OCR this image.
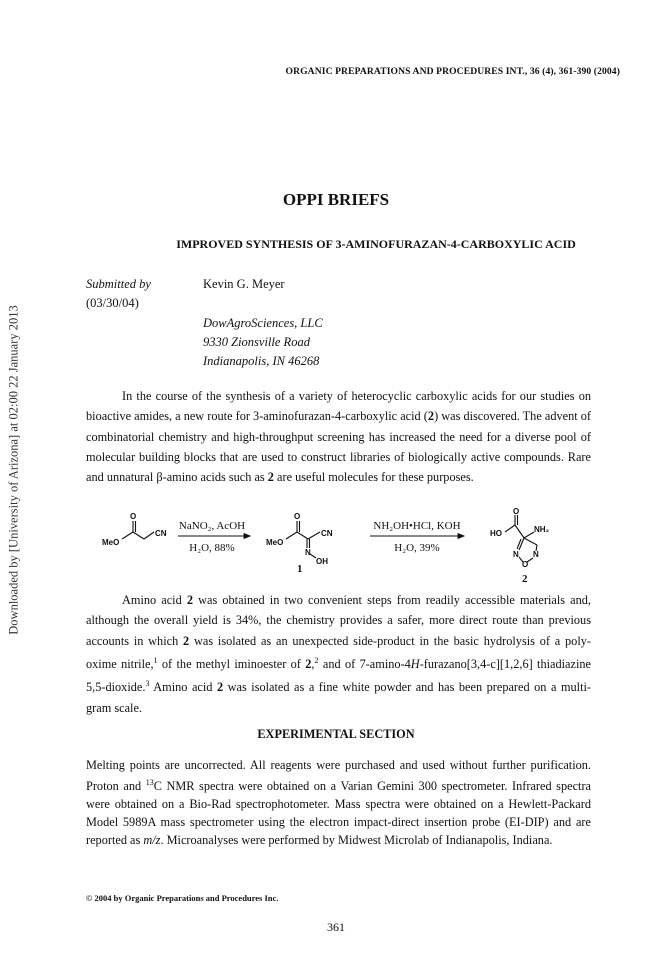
Downloaded by [University of Arizona] at 02:00 22 January 2013
ORGANIC PREPARATIONS AND PROCEDURES INT., 36 (4), 361-390 (2004)
OPPI BRIEFS
IMPROVED SYNTHESIS OF 3-AMINOFURAZAN-4-CARBOXYLIC ACID
Submitted by
(03/30/04)
Kevin G. Meyer
DowAgroSciences, LLC
9330 Zionsville Road
Indianapolis, IN 46268

In the course of the synthesis of a variety of heterocyclic carboxylic acids for our studies on bioactive amides, a new route for 3-aminofurazan-4-carboxylic acid (2) was discovered. The advent of combinatorial chemistry and high-throughput screening has increased the need for a diverse pool of molecular building blocks that are used to construct libraries of biologically active compounds. Rare and unnatural β-amino acids such as 2 are useful molecules for these purposes.

O
MeO
CN
NaNO₂, AcOH
H₂O, 88%
O
MeO
CN
N
OH
1
NH₂OH•HCl, KOH
H₂O, 39%
O
HO	NH₂
N N
O
2

Amino acid 2 was obtained in two convenient steps from readily accessible materials and, although the overall yield is 34%, the chemistry provides a safer, more direct route than previous accounts in which 2 was isolated as an unexpected side-product in the basic hydrolysis of a poly-oxime nitrile,$^1$ of the methyl iminoester of 2,$^2$ and of 7-amino-4H-furazano[3,4-c][1,2,6] thiadiazine 5,5-dioxide.$^3$ Amino acid 2 was isolated as a fine white powder and has been prepared on a multi-gram scale.

EXPERIMENTAL SECTION

Melting points are uncorrected. All reagents were purchased and used without further purification. Proton and $^{13}$C NMR spectra were obtained on a Varian Gemini 300 spectrometer. Infrared spectra were obtained on a Bio-Rad spectrophotometer. Mass spectra were obtained on a Hewlett-Packard Model 5989A mass spectrometer using the electron impact-direct insertion probe (EI-DIP) and are reported as m/z. Microanalyses were performed by Midwest Microlab of Indianapolis, Indiana.

© 2004 by Organic Preparations and Procedures Inc.
361
